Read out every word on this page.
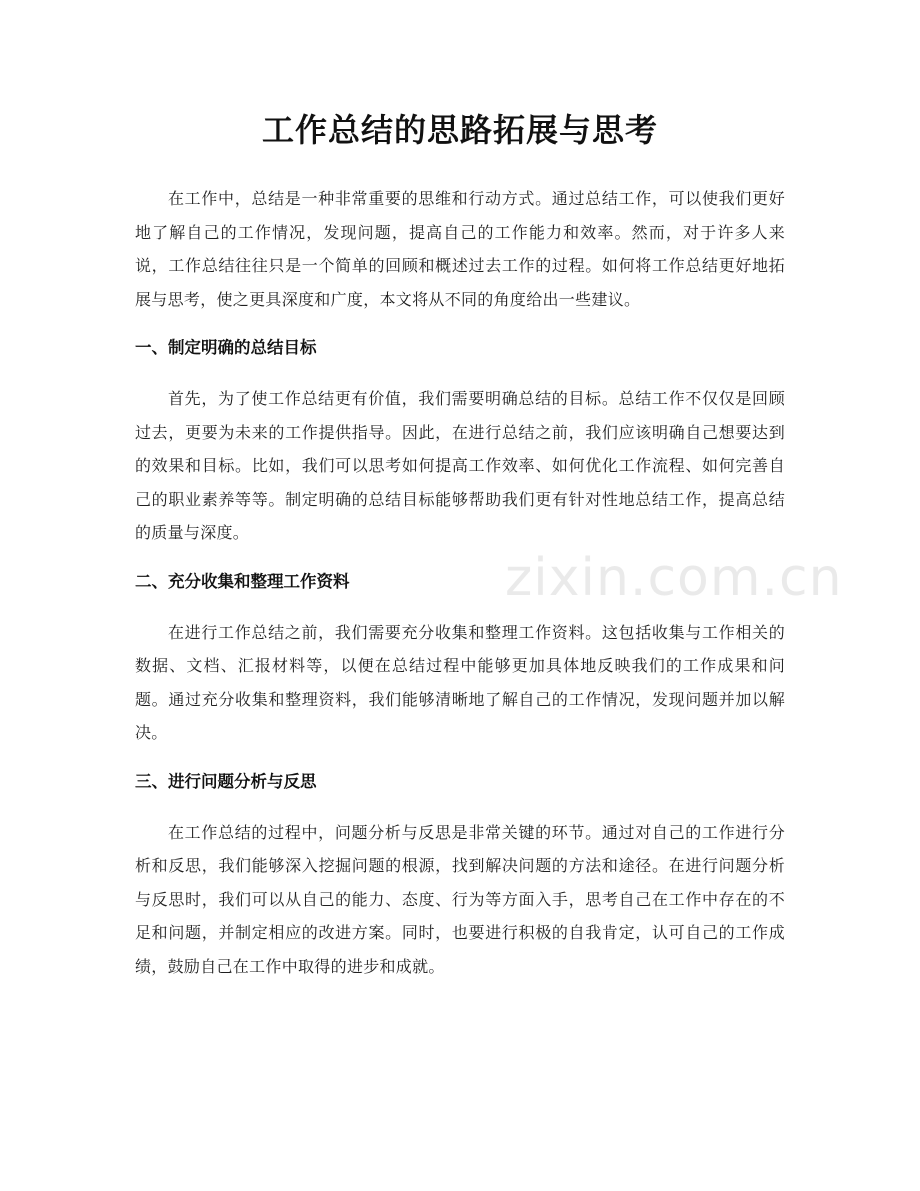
工作总结的思路拓展与思考

在工作中，总结是一种非常重要的思维和行动方式。通过总结工作，可以使我们更好地了解自己的工作情况，发现问题，提高自己的工作能力和效率。然而，对于许多人来说，工作总结往往只是一个简单的回顾和概述过去工作的过程。如何将工作总结更好地拓展与思考，使之更具深度和广度，本文将从不同的角度给出一些建议。

一、制定明确的总结目标

首先，为了使工作总结更有价值，我们需要明确总结的目标。总结工作不仅仅是回顾过去，更要为未来的工作提供指导。因此，在进行总结之前，我们应该明确自己想要达到的效果和目标。比如，我们可以思考如何提高工作效率、如何优化工作流程、如何完善自己的职业素养等等。制定明确的总结目标能够帮助我们更有针对性地总结工作，提高总结的质量与深度。

二、充分收集和整理工作资料

在进行工作总结之前，我们需要充分收集和整理工作资料。这包括收集与工作相关的数据、文档、汇报材料等，以便在总结过程中能够更加具体地反映我们的工作成果和问题。通过充分收集和整理资料，我们能够清晰地了解自己的工作情况，发现问题并加以解决。

三、进行问题分析与反思

在工作总结的过程中，问题分析与反思是非常关键的环节。通过对自己的工作进行分析和反思，我们能够深入挖掘问题的根源，找到解决问题的方法和途径。在进行问题分析与反思时，我们可以从自己的能力、态度、行为等方面入手，思考自己在工作中存在的不足和问题，并制定相应的改进方案。同时，也要进行积极的自我肯定，认可自己的工作成绩，鼓励自己在工作中取得的进步和成就。

zixin.com.cn
